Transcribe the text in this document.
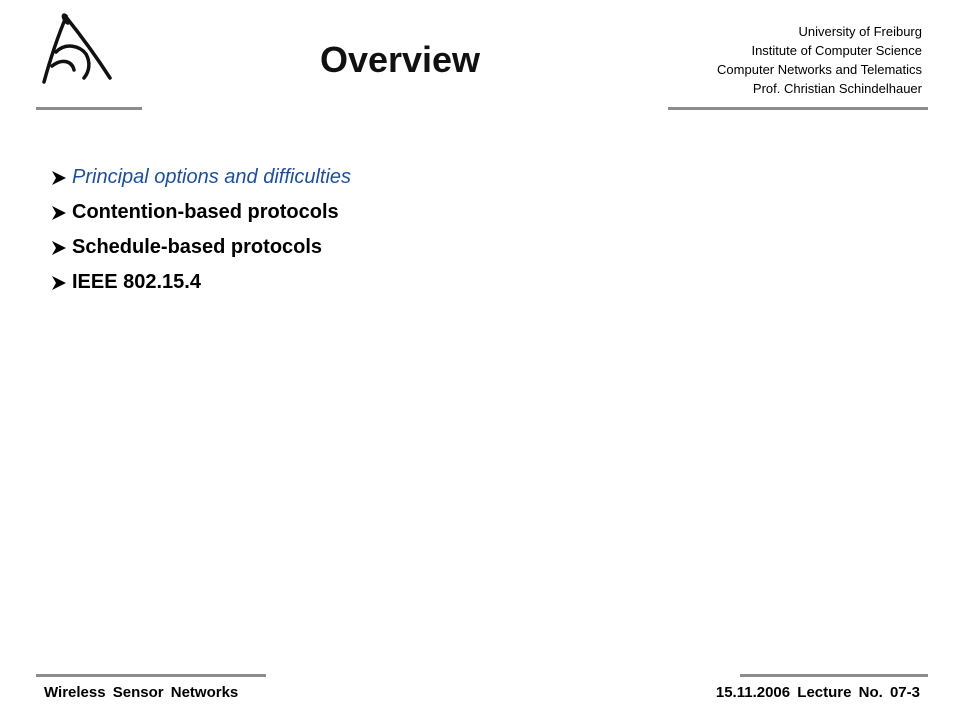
Overview
University of Freiburg
Institute of Computer Science
Computer Networks and Telematics
Prof. Christian Schindelhauer
Principal options and difficulties
Contention-based protocols
Schedule-based protocols
IEEE 802.15.4
Wireless Sensor Networks	15.11.2006 Lecture No. 07-3
